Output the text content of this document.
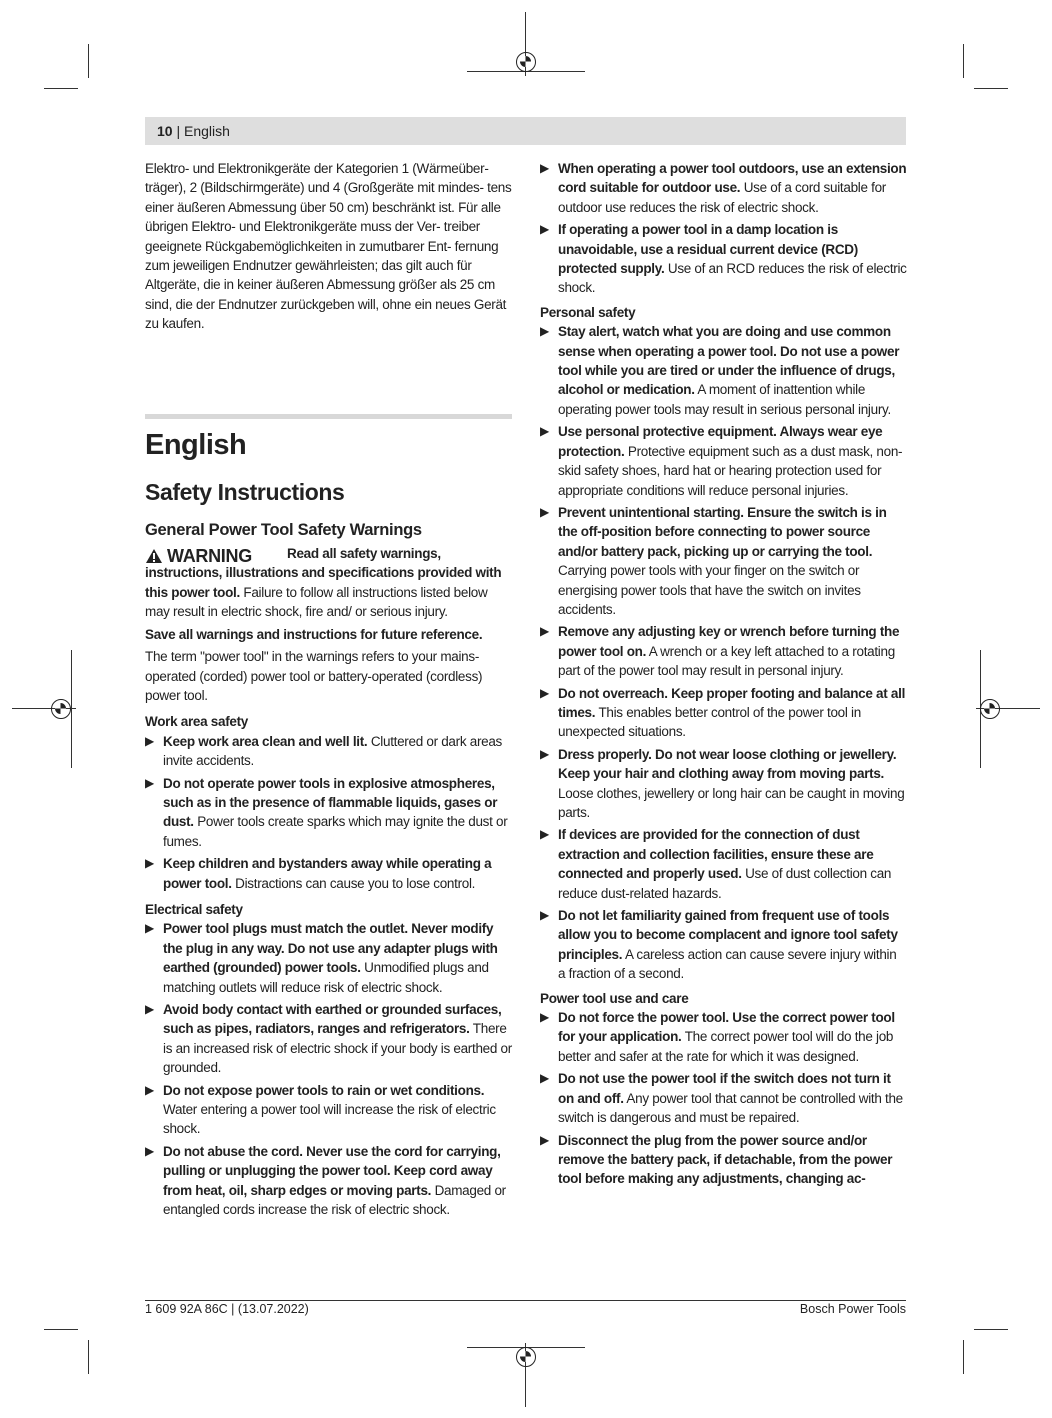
10 | English

Elektro- und Elektronikgeräte der Kategorien 1 (Wärmeüber- träger), 2 (Bildschirmgeräte) und 4 (Großgeräte mit mindes- tens einer äußeren Abmessung über 50 cm) beschränkt ist. Für alle übrigen Elektro- und Elektronikgeräte muss der Ver- treiber geeignete Rückgabemöglichkeiten in zumutbarer Ent- fernung zum jeweiligen Endnutzer gewährleisten; das gilt auch für Altgeräte, die in keiner äußeren Abmessung größer als 25 cm sind, die der Endnutzer zurückgeben will, ohne ein neues Gerät zu kaufen.

English
Safety Instructions
General Power Tool Safety Warnings
WARNING	Read all safety warnings, instructions, illustrations and specifications provided with this power tool. Failure to follow all instructions listed below may result in electric shock, fire and/ or serious injury.

Save all warnings and instructions for future reference.

The term "power tool" in the warnings refers to your mains-operated (corded) power tool or battery-operated (cordless) power tool.

Work area safety

▶ Keep work area clean and well lit. Cluttered or dark areas invite accidents.
▶ Do not operate power tools in explosive atmospheres, such as in the presence of flammable liquids, gases or dust. Power tools create sparks which may ignite the dust or fumes.
▶ Keep children and bystanders away while operating a power tool. Distractions can cause you to lose control.

Electrical safety

▶ Power tool plugs must match the outlet. Never modify the plug in any way. Do not use any adapter plugs with earthed (grounded) power tools. Unmodified plugs and matching outlets will reduce risk of electric shock.
▶ Avoid body contact with earthed or grounded surfaces, such as pipes, radiators, ranges and refrigerators. There is an increased risk of electric shock if your body is earthed or grounded.
▶ Do not expose power tools to rain or wet conditions. Water entering a power tool will increase the risk of electric shock.
▶ Do not abuse the cord. Never use the cord for carrying, pulling or unplugging the power tool. Keep cord away from heat, oil, sharp edges or moving parts. Damaged or entangled cords increase the risk of electric shock.
▶ When operating a power tool outdoors, use an extension cord suitable for outdoor use. Use of a cord suitable for outdoor use reduces the risk of electric shock.
▶ If operating a power tool in a damp location is unavoidable, use a residual current device (RCD) protected supply. Use of an RCD reduces the risk of electric shock.

Personal safety

▶ Stay alert, watch what you are doing and use common sense when operating a power tool. Do not use a power tool while you are tired or under the influence of drugs, alcohol or medication. A moment of inattention while operating power tools may result in serious personal injury.
▶ Use personal protective equipment. Always wear eye protection. Protective equipment such as a dust mask, non-skid safety shoes, hard hat or hearing protection used for appropriate conditions will reduce personal injuries.
▶ Prevent unintentional starting. Ensure the switch is in the off-position before connecting to power source and/or battery pack, picking up or carrying the tool. Carrying power tools with your finger on the switch or energising power tools that have the switch on invites accidents.
▶ Remove any adjusting key or wrench before turning the power tool on. A wrench or a key left attached to a rotating part of the power tool may result in personal injury.
▶ Do not overreach. Keep proper footing and balance at all times. This enables better control of the power tool in unexpected situations.
▶ Dress properly. Do not wear loose clothing or jewellery. Keep your hair and clothing away from moving parts. Loose clothes, jewellery or long hair can be caught in moving parts.
▶ If devices are provided for the connection of dust extraction and collection facilities, ensure these are connected and properly used. Use of dust collection can reduce dust-related hazards.
▶ Do not let familiarity gained from frequent use of tools allow you to become complacent and ignore tool safety principles. A careless action can cause severe injury within a fraction of a second.

Power tool use and care

▶ Do not force the power tool. Use the correct power tool for your application. The correct power tool will do the job better and safer at the rate for which it was designed.
▶ Do not use the power tool if the switch does not turn it on and off. Any power tool that cannot be controlled with the switch is dangerous and must be repaired.
▶ Disconnect the plug from the power source and/or remove the battery pack, if detachable, from the power tool before making any adjustments, changing ac-
1 609 92A 86C | (13.07.2022)	Bosch Power Tools
